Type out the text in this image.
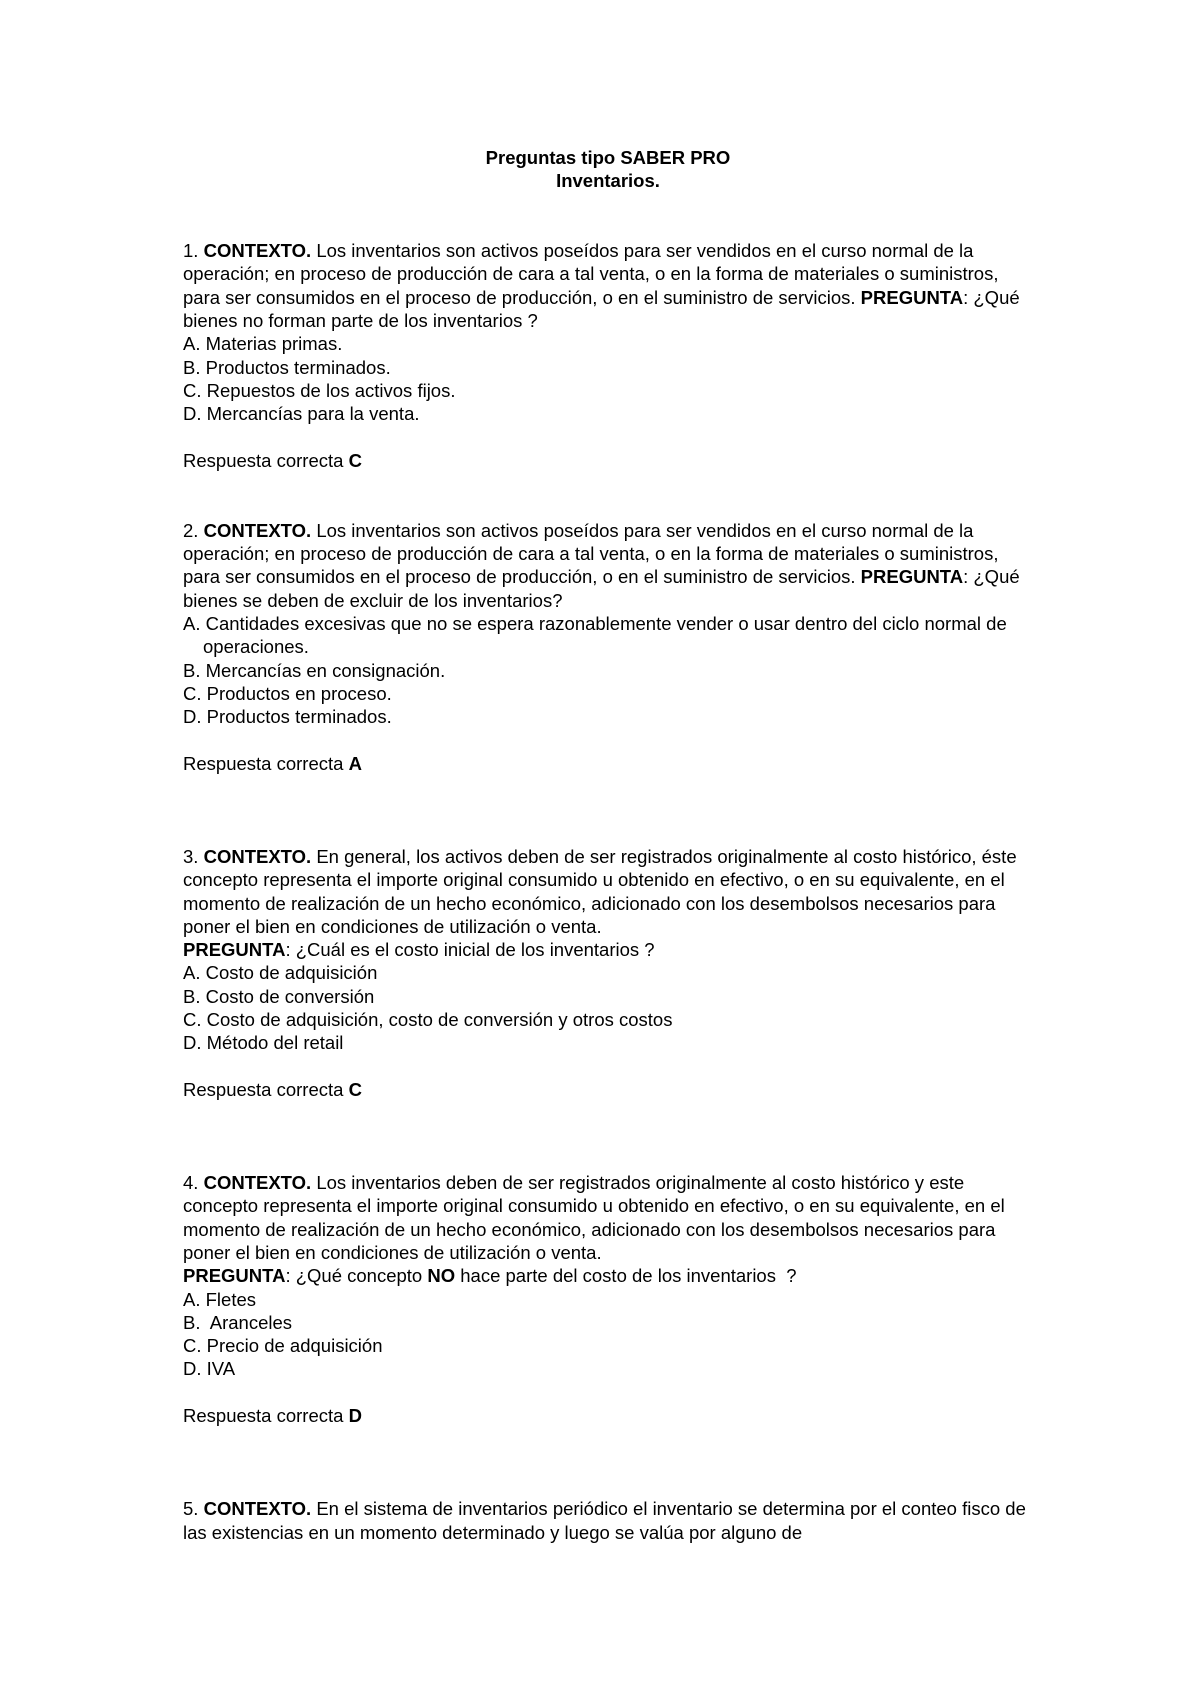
Preguntas tipo SABER PRO
Inventarios.
1. CONTEXTO. Los inventarios son activos poseídos para ser vendidos en el curso normal de la operación; en proceso de producción de cara a tal venta, o en la forma de materiales o suministros, para ser consumidos en el proceso de producción, o en el suministro de servicios. PREGUNTA: ¿Qué bienes no forman parte de los inventarios ?
A. Materias primas.
B. Productos terminados.
C. Repuestos de los activos fijos.
D. Mercancías para la venta.
Respuesta correcta C
2. CONTEXTO. Los inventarios son activos poseídos para ser vendidos en el curso normal de la operación; en proceso de producción de cara a tal venta, o en la forma de materiales o suministros, para ser consumidos en el proceso de producción, o en el suministro de servicios. PREGUNTA: ¿Qué bienes se deben de excluir de los inventarios?
A. Cantidades excesivas que no se espera razonablemente vender o usar dentro del ciclo normal de operaciones.
B. Mercancías en consignación.
C. Productos en proceso.
D. Productos terminados.
Respuesta correcta A
3. CONTEXTO. En general, los activos deben de ser registrados originalmente al costo histórico, éste concepto representa el importe original consumido u obtenido en efectivo, o en su equivalente, en el momento de realización de un hecho económico, adicionado con los desembolsos necesarios para poner el bien en condiciones de utilización o venta.
PREGUNTA: ¿Cuál es el costo inicial de los inventarios ?
A. Costo de adquisición
B. Costo de conversión
C. Costo de adquisición, costo de conversión y otros costos
D. Método del retail
Respuesta correcta C
4. CONTEXTO. Los inventarios deben de ser registrados originalmente al costo histórico y este concepto representa el importe original consumido u obtenido en efectivo, o en su equivalente, en el momento de realización de un hecho económico, adicionado con los desembolsos necesarios para poner el bien en condiciones de utilización o venta.
PREGUNTA: ¿Qué concepto NO hace parte del costo de los inventarios  ?
A. Fletes
B.  Aranceles
C. Precio de adquisición
D. IVA
Respuesta correcta D
5. CONTEXTO. En el sistema de inventarios periódico el inventario se determina por el conteo fisco de las existencias en un momento determinado y luego se valúa por alguno de
